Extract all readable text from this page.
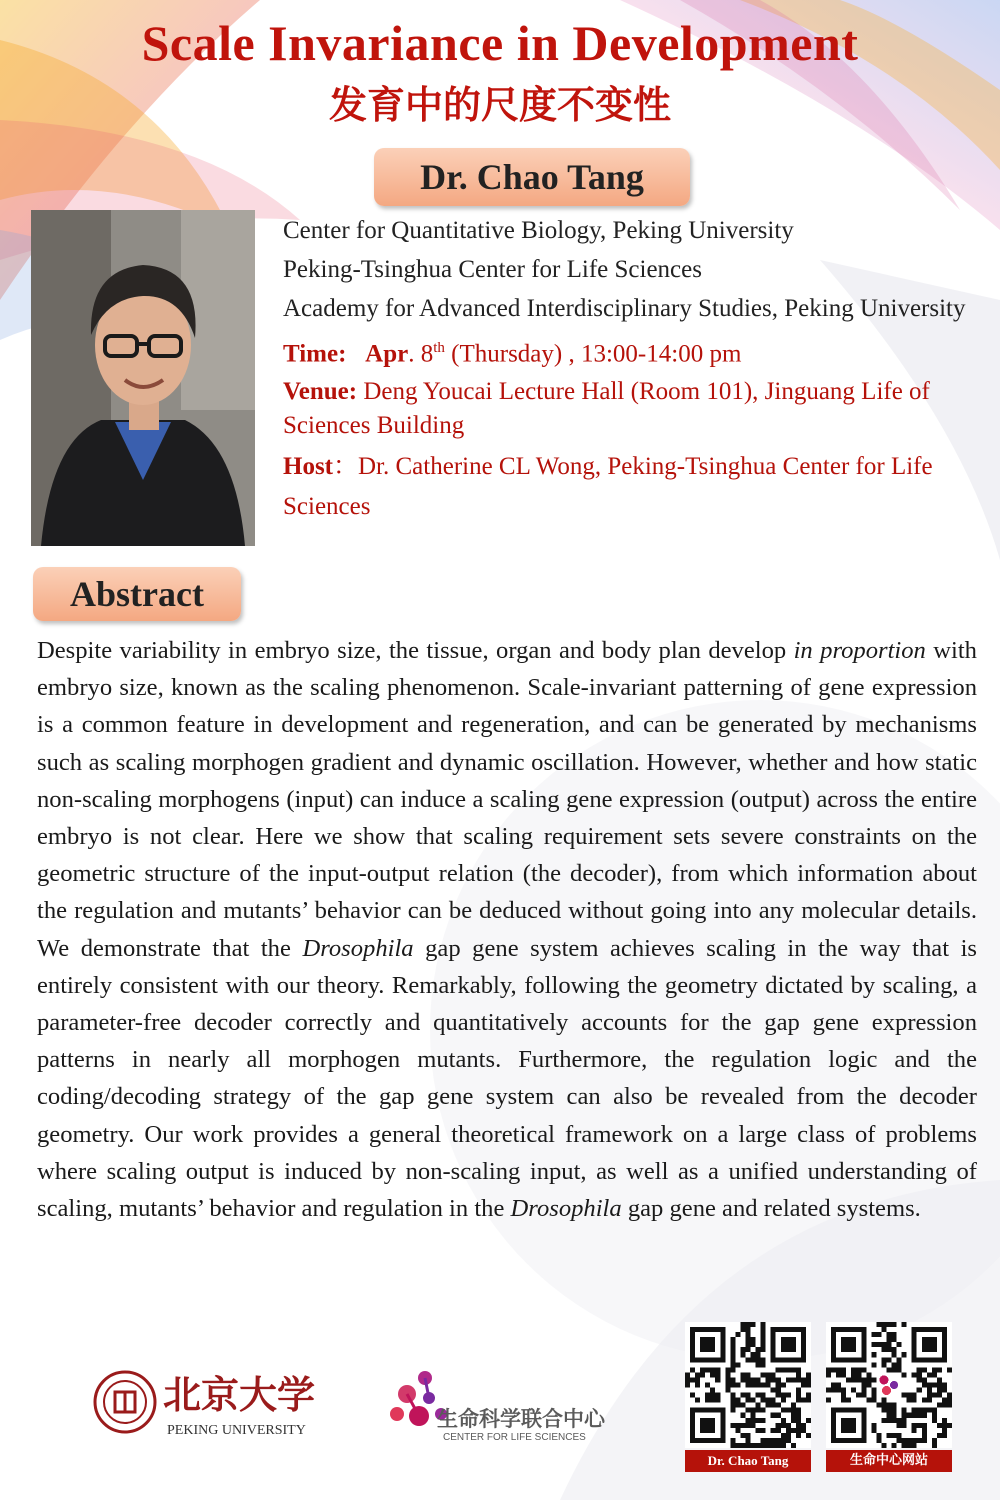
Scale Invariance in Development
发育中的尺度不变性
Dr. Chao Tang
Center for Quantitative Biology, Peking University
Peking-Tsinghua Center for Life Sciences
Academy for Advanced Interdisciplinary Studies, Peking University
Time: Apr. 8th (Thursday) , 13:00-14:00 pm
Venue: Deng Youcai Lecture Hall (Room 101), Jinguang Life of Sciences Building
Host：Dr. Catherine CL Wong, Peking-Tsinghua Center for Life Sciences
Abstract
Despite variability in embryo size, the tissue, organ and body plan develop in proportion with embryo size, known as the scaling phenomenon. Scale-invariant patterning of gene expression is a common feature in development and regeneration, and can be generated by mechanisms such as scaling morphogen gradient and dynamic oscillation. However, whether and how static non-scaling morphogens (input) can induce a scaling gene expression (output) across the entire embryo is not clear. Here we show that scaling requirement sets severe constraints on the geometric structure of the input-output relation (the decoder), from which information about the regulation and mutants’ behavior can be deduced without going into any molecular details. We demonstrate that the Drosophila gap gene system achieves scaling in the way that is entirely consistent with our theory. Remarkably, following the geometry dictated by scaling, a parameter-free decoder correctly and quantitatively accounts for the gap gene expression patterns in nearly all morphogen mutants. Furthermore, the regulation logic and the coding/decoding strategy of the gap gene system can also be revealed from the decoder geometry. Our work provides a general theoretical framework on a large class of problems where scaling output is induced by non-scaling input, as well as a unified understanding of scaling, mutants’ behavior and regulation in the Drosophila gap gene and related systems.
北京大学
PEKING UNIVERSITY	生命科学联合中心
CENTER FOR LIFE SCIENCES
Dr. Chao Tang	生命中心网站
